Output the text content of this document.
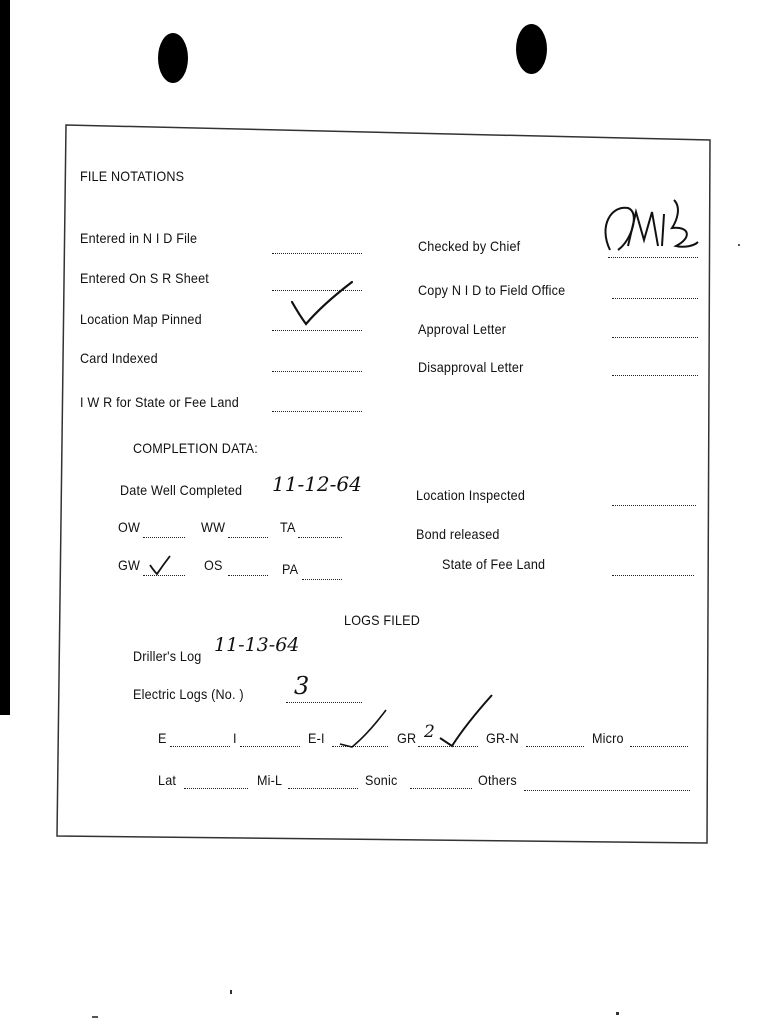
FILE NOTATIONS
Entered in N I D File
Entered On S R Sheet
Location Map Pinned
Card Indexed
I W R for State or Fee Land
Checked by Chief
Copy N I D to Field Office
Approval Letter
Disapproval Letter
COMPLETION DATA:
Date Well Completed 11-12-64	Location Inspected
OW	WW	TA	Bond released
GW	OS	PA	State of Fee Land
LOGS FILED
Driller's Log 11-13-64
Electric Logs (No. ) 3
E	I	E-I	GR 2	GR-N	Micro
Lat	Mi-L	Sonic	Others
